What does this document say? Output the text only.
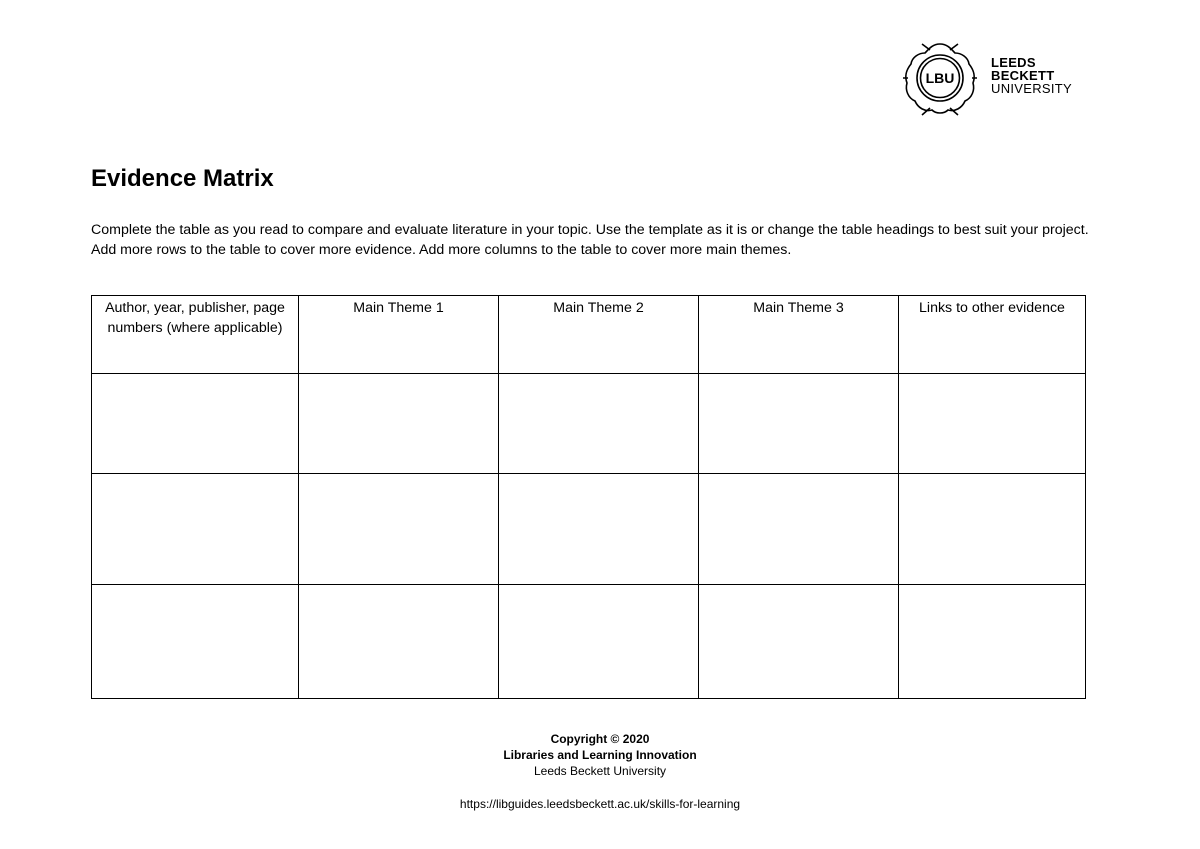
LBU
LEEDS
BECKETT
UNIVERSITY
Evidence Matrix

Complete the table as you read to compare and evaluate literature in your topic. Use the template as it is or change the table headings to best suit your project. Add more rows to the table to cover more evidence. Add more columns to the table to cover more main themes.

Author, year, publisher, page numbers (where applicable)	Main Theme 1	Main Theme 2	Main Theme 3	Links to other evidence

Copyright © 2020
Libraries and Learning Innovation
Leeds Beckett University
https://libguides.leedsbeckett.ac.uk/skills-for-learning
